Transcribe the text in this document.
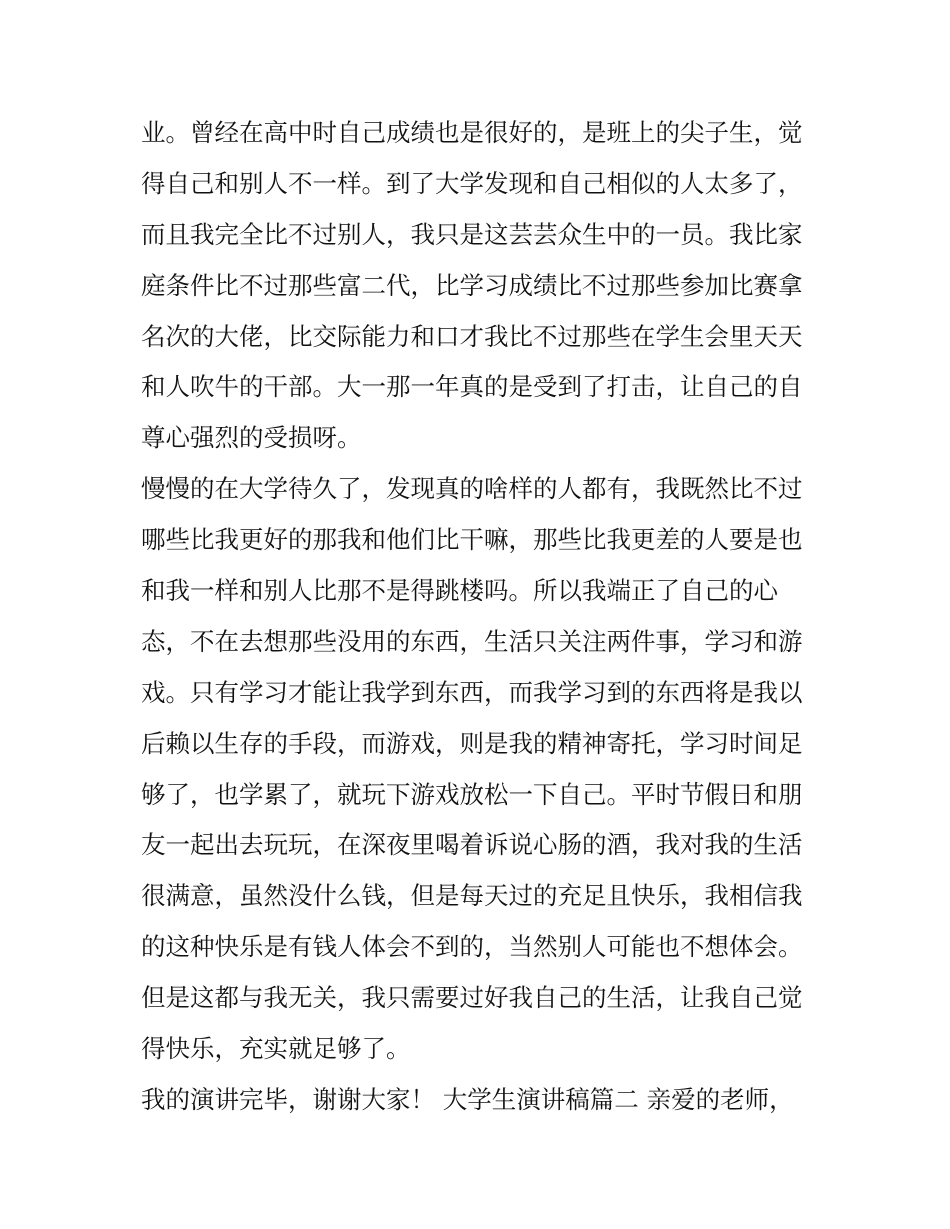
业。曾经在高中时自己成绩也是很好的，是班上的尖子生，觉
得自己和别人不一样。到了大学发现和自己相似的人太多了，
而且我完全比不过别人，我只是这芸芸众生中的一员。我比家
庭条件比不过那些富二代，比学习成绩比不过那些参加比赛拿
名次的大佬，比交际能力和口才我比不过那些在学生会里天天
和人吹牛的干部。大一那一年真的是受到了打击，让自己的自
尊心强烈的受损呀。
慢慢的在大学待久了，发现真的啥样的人都有，我既然比不过
哪些比我更好的那我和他们比干嘛，那些比我更差的人要是也
和我一样和别人比那不是得跳楼吗。所以我端正了自己的心
态，不在去想那些没用的东西，生活只关注两件事，学习和游
戏。只有学习才能让我学到东西，而我学习到的东西将是我以
后赖以生存的手段，而游戏，则是我的精神寄托，学习时间足
够了，也学累了，就玩下游戏放松一下自己。平时节假日和朋
友一起出去玩玩，在深夜里喝着诉说心肠的酒，我对我的生活
很满意，虽然没什么钱，但是每天过的充足且快乐，我相信我
的这种快乐是有钱人体会不到的，当然别人可能也不想体会。
但是这都与我无关，我只需要过好我自己的生活，让我自己觉
得快乐，充实就足够了。
我的演讲完毕，谢谢大家！ 大学生演讲稿篇二 亲爱的老师，
